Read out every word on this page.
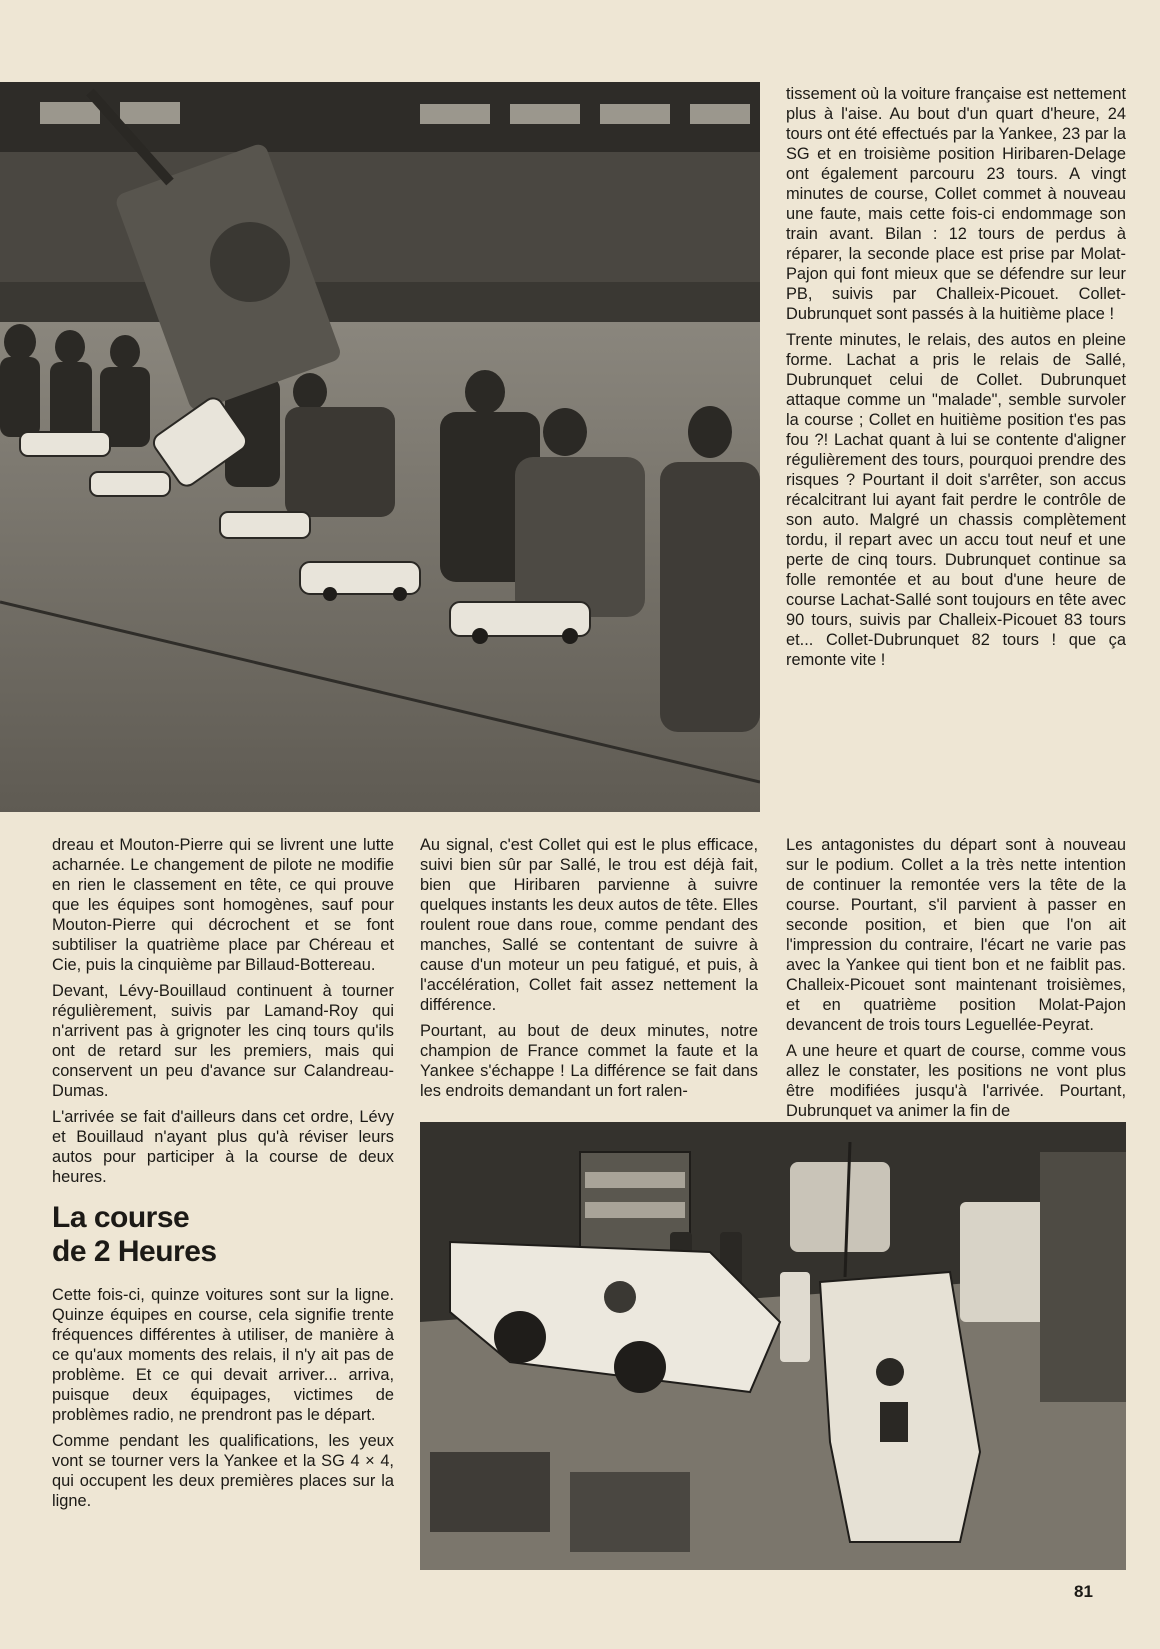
tissement où la voiture française est nettement plus à l'aise. Au bout d'un quart d'heure, 24 tours ont été effectués par la Yankee, 23 par la SG et en troisième position Hiribaren-Delage ont également parcouru 23 tours. A vingt minutes de course, Collet commet à nouveau une faute, mais cette fois-ci endommage son train avant. Bilan : 12 tours de perdus à réparer, la seconde place est prise par Molat-Pajon qui font mieux que se défendre sur leur PB, suivis par Challeix-Picouet. Collet-Dubrunquet sont passés à la huitième place !

Trente minutes, le relais, des autos en pleine forme. Lachat a pris le relais de Sallé, Dubrunquet celui de Collet. Dubrunquet attaque comme un "malade", semble survoler la course ; Collet en huitième position t'es pas fou ?! Lachat quant à lui se contente d'aligner régulièrement des tours, pourquoi prendre des risques ? Pourtant il doit s'arrêter, son accus récalcitrant lui ayant fait perdre le contrôle de son auto. Malgré un chassis complètement tordu, il repart avec un accu tout neuf et une perte de cinq tours. Dubrunquet continue sa folle remontée et au bout d'une heure de course Lachat-Sallé sont toujours en tête avec 90 tours, suivis par Challeix-Picouet 83 tours et... Collet-Dubrunquet 82 tours ! que ça remonte vite !

dreau et Mouton-Pierre qui se livrent une lutte acharnée. Le changement de pilote ne modifie en rien le classement en tête, ce qui prouve que les équipes sont homogènes, sauf pour Mouton-Pierre qui décrochent et se font subtiliser la quatrième place par Chéreau et Cie, puis la cinquième par Billaud-Bottereau.

Devant, Lévy-Bouillaud continuent à tourner régulièrement, suivis par Lamand-Roy qui n'arrivent pas à grignoter les cinq tours qu'ils ont de retard sur les premiers, mais qui conservent un peu d'avance sur Calandreau-Dumas.

L'arrivée se fait d'ailleurs dans cet ordre, Lévy et Bouillaud n'ayant plus qu'à réviser leurs autos pour participer à la course de deux heures.

La course
de 2 Heures

Cette fois-ci, quinze voitures sont sur la ligne. Quinze équipes en course, cela signifie trente fréquences différentes à utiliser, de manière à ce qu'aux moments des relais, il n'y ait pas de problème. Et ce qui devait arriver... arriva, puisque deux équipages, victimes de problèmes radio, ne prendront pas le départ.

Comme pendant les qualifications, les yeux vont se tourner vers la Yankee et la SG 4 × 4, qui occupent les deux premières places sur la ligne.

Au signal, c'est Collet qui est le plus efficace, suivi bien sûr par Sallé, le trou est déjà fait, bien que Hiribaren parvienne à suivre quelques instants les deux autos de tête. Elles roulent roue dans roue, comme pendant des manches, Sallé se contentant de suivre à cause d'un moteur un peu fatigué, et puis, à l'accélération, Collet fait assez nettement la différence.

Pourtant, au bout de deux minutes, notre champion de France commet la faute et la Yankee s'échappe ! La différence se fait dans les endroits demandant un fort ralen-

Les antagonistes du départ sont à nouveau sur le podium. Collet a la très nette intention de continuer la remontée vers la tête de la course. Pourtant, s'il parvient à passer en seconde position, et bien que l'on ait l'impression du contraire, l'écart ne varie pas avec la Yankee qui tient bon et ne faiblit pas. Challeix-Picouet sont maintenant troisièmes, et en quatrième position Molat-Pajon devancent de trois tours Leguellée-Peyrat.

A une heure et quart de course, comme vous allez le constater, les positions ne vont plus être modifiées jusqu'à l'arrivée. Pourtant, Dubrunquet va animer la fin de

81
